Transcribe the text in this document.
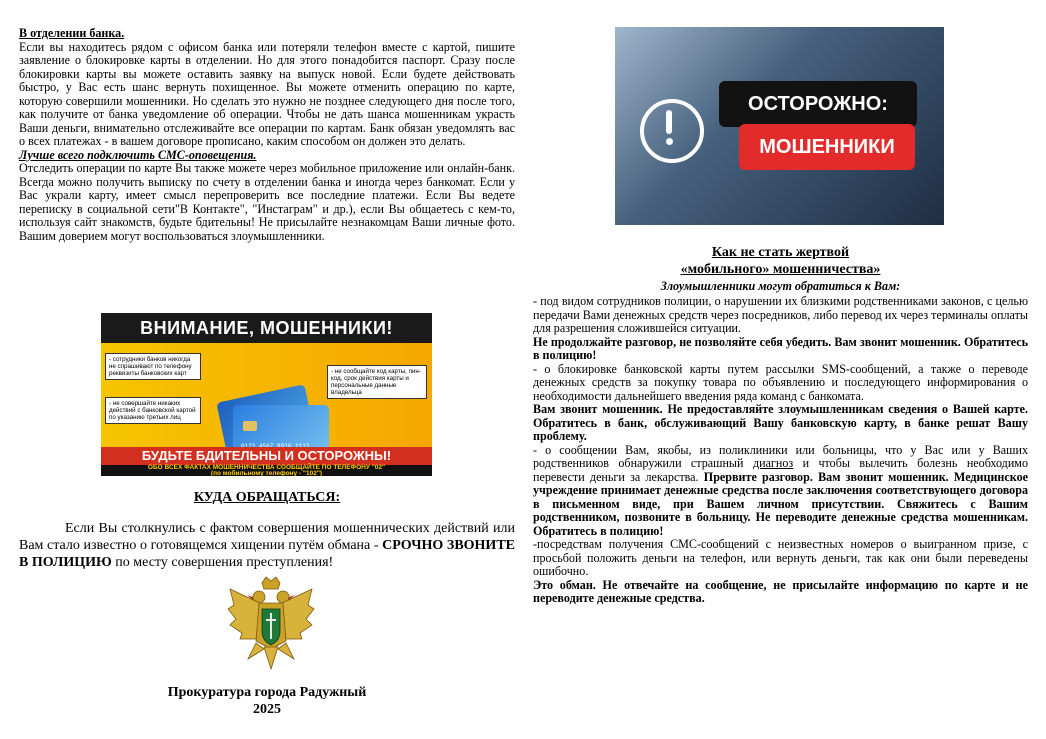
В отделении банка.

Если вы находитесь рядом с офисом банка или потеряли телефон вместе с картой, пишите заявление о блокировке карты в отделении. Но для этого понадобится паспорт. Сразу после блокировки карты вы можете оставить заявку на выпуск новой. Если будете действовать быстро, у Вас есть шанс вернуть похищенное. Вы можете отменить операцию по карте, которую совершили мошенники. Но сделать это нужно не позднее следующего дня после того, как получите от банка уведомление об операции. Чтобы не дать шанса мошенникам украсть Ваши деньги, внимательно отслеживайте все операции по картам. Банк обязан уведомлять вас о всех платежах - в вашем договоре прописано, каким способом он должен это делать.

Лучше всего подключить СМС-оповещения.

Отследить операции по карте Вы также можете через мобильное приложение или онлайн-банк. Всегда можно получить выписку по счету в отделении банка и иногда через банкомат. Если у Вас украли карту, имеет смысл перепроверить все последние платежи. Если Вы ведете переписку в социальной сети"В Контакте", "Инстаграм" и др.), если Вы общаетесь с кем-то, используя сайт знакомств, будьте бдительны! Не присылайте незнакомцам Ваши личные фото. Вашим доверием могут воспользоваться злоумышленники.

ВНИМАНИЕ, МОШЕННИКИ!
- сотрудники банков никогда не спрашивают по телефону реквизиты банковских карт
- не совершайте никаких действий с банковской картой по указанию третьих лиц
- не сообщайте код карты, пин-код, срок действия карты и персональные данные владельца
БУДЬТЕ БДИТЕЛЬНЫ И ОСТОРОЖНЫ!
ОБО ВСЕХ ФАКТАХ МОШЕННИЧЕСТВА СООБЩАЙТЕ ПО ТЕЛЕФОНУ "02"
(по мобильному телефону - "102")
КУДА ОБРАЩАТЬСЯ:
Если Вы столкнулись с фактом совершения мошеннических действий или Вам стало известно о готовящемся хищении путём обмана - СРОЧНО ЗВОНИТЕ В ПОЛИЦИЮ по месту совершения преступления!
Прокуратура города Радужный
2025
ОСТОРОЖНО:
МОШЕННИКИ
Как не стать жертвой
«мобильного» мошенничества»
Злоумышленники могут обратиться к Вам:

- под видом сотрудников полиции, о нарушении их близкими родственниками законов, с целью передачи Вами денежных средств через посредников, либо перевод их через терминалы оплаты для разрешения сложившейся ситуации.

Не продолжайте разговор, не позволяйте себя убедить. Вам звонит мошенник. Обратитесь в полицию!

- о блокировке банковской карты путем рассылки SMS-сообщений, а также о переводе денежных средств за покупку товара по объявлению и последующего информирования о необходимости дальнейшего введения ряда команд с банкомата.

Вам звонит мошенник. Не предоставляйте злоумышленникам сведения о Вашей карте. Обратитесь в банк, обслуживающий Вашу банковскую карту, в банке решат Вашу проблему.

- о сообщении Вам, якобы, из поликлиники или больницы, что у Вас или у Ваших родственников обнаружили страшный диагноз и чтобы вылечить болезнь необходимо перевести деньги за лекарства. Прервите разговор. Вам звонит мошенник. Медицинское учреждение принимает денежные средства после заключения соответствующего договора в письменном виде, при Вашем личном присутствии. Свяжитесь с Вашим родственником, позвоните в больницу. Не переводите денежные средства мошенникам. Обратитесь в полицию!

-посредствам получения СМС-сообщений с неизвестных номеров о выигранном призе, с просьбой положить деньги на телефон, или вернуть деньги, так как они были переведены ошибочно.

Это обман. Не отвечайте на сообщение, не присылайте информацию по карте и не переводите денежные средства.
